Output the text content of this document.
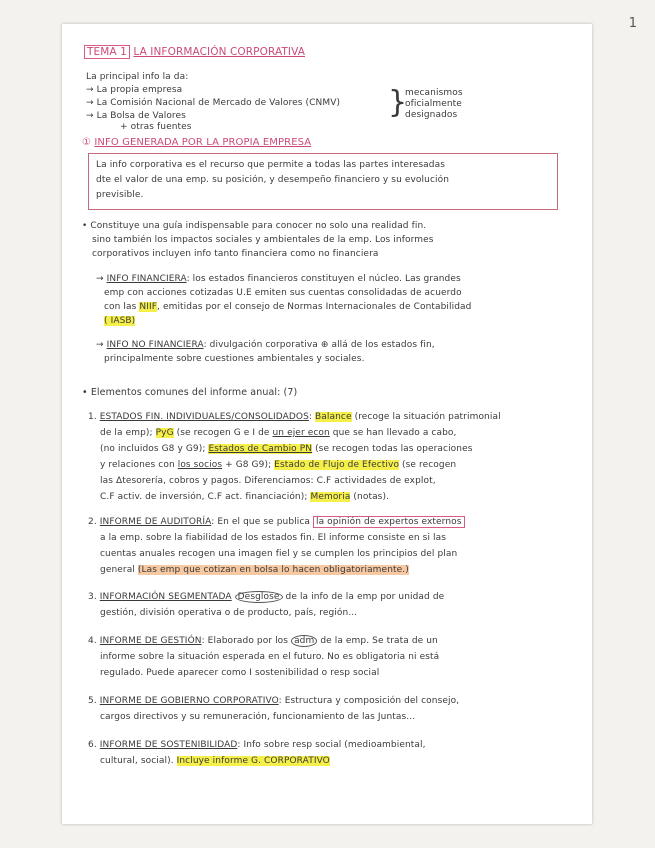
1
TEMA 1 LA INFORMACIÓN CORPORATIVA
La principal info la da:
→ La propia empresa
→ La Comisión Nacional de Mercado de Valores (CNMV)
→ La Bolsa de Valores
+ otras fuentes
}
mecanismos
oficialmente
designados
① INFO GENERADA POR LA PROPIA EMPRESA
La info corporativa es el recurso que permite a todas las partes interesadas
dte el valor de una emp. su posición, y desempeño financiero y su evolución
previsible.
• Constituye una guía indispensable para conocer no solo una realidad fin.
sino también los impactos sociales y ambientales de la emp. Los informes
corporativos incluyen info tanto financiera como no financiera
→ INFO FINANCIERA: los estados financieros constituyen el núcleo. Las grandes
emp con acciones cotizadas U.E emiten sus cuentas consolidadas de acuerdo
con las NIIF, emitidas por el consejo de Normas Internacionales de Contabilidad
( IASB)
→ INFO NO FINANCIERA: divulgación corporativa ⊕ allá de los estados fin,
principalmente sobre cuestiones ambientales y sociales.
• Elementos comunes del informe anual: (7)
1. ESTADOS FIN. INDIVIDUALES/CONSOLIDADOS: Balance (recoge la situación patrimonial
de la emp); PyG (se recogen G e I de un ejer econ que se han llevado a cabo,
(no incluidos G8 y G9); Estados de Cambio PN (se recogen todas las operaciones
y relaciones con los socios + G8 G9); Estado de Flujo de Efectivo (se recogen
las Δtesorería, cobros y pagos. Diferenciamos: C.F actividades de explot,
C.F activ. de inversión, C.F act. financiación); Memoria (notas).
2. INFORME DE AUDITORÍA: En el que se publica la opinión de expertos externos
a la emp. sobre la fiabilidad de los estados fin. El informe consiste en si las
cuentas anuales recogen una imagen fiel y se cumplen los principios del plan
general (Las emp que cotizan en bolsa lo hacen obligatoriamente.)
3. INFORMACIÓN SEGMENTADA Desglose de la info de la emp por unidad de
gestión, división operativa o de producto, país, región...
4. INFORME DE GESTIÓN: Elaborado por los adm de la emp. Se trata de un
informe sobre la situación esperada en el futuro. No es obligatoria ni está
regulado. Puede aparecer como I sostenibilidad o resp social
5. INFORME DE GOBIERNO CORPORATIVO: Estructura y composición del consejo,
cargos directivos y su remuneración, funcionamiento de las Juntas...
6. INFORME DE SOSTENIBILIDAD: Info sobre resp social (medioambiental,
cultural, social). Incluye informe G. CORPORATIVO
